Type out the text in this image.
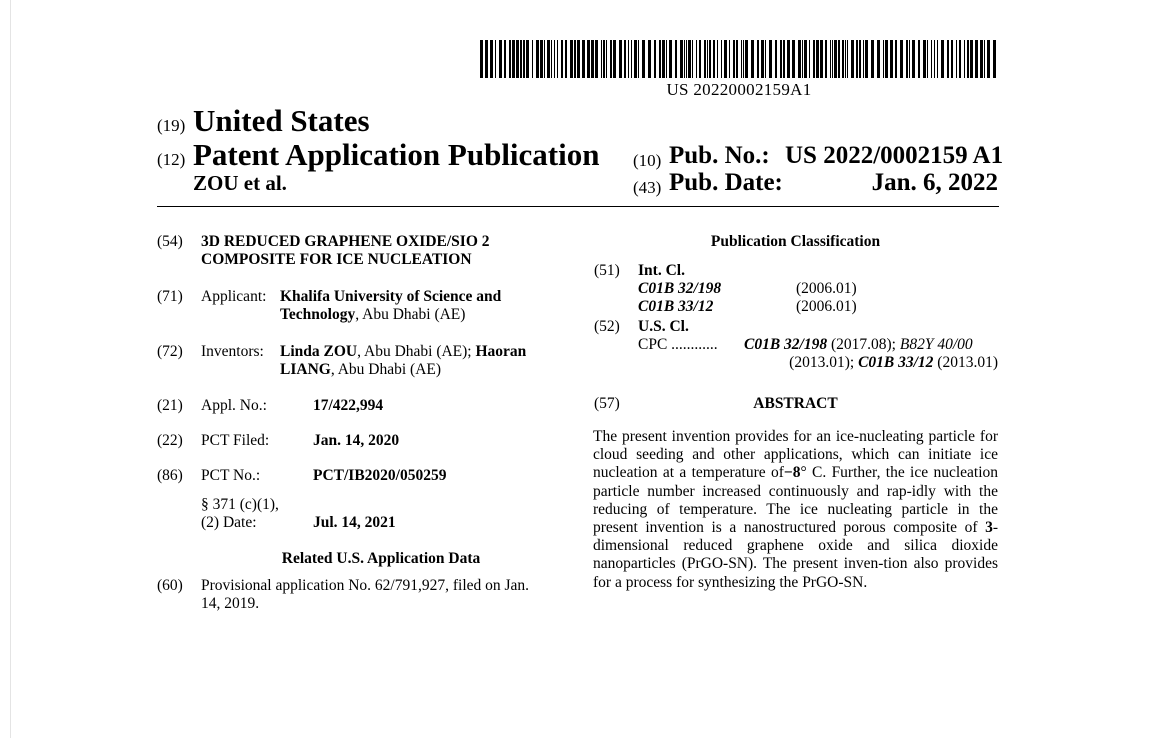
US 20220002159A1
(19) United States
(12) Patent Application Publication
ZOU et al.
(10) Pub. No.: US 2022/0002159 A1
(43) Pub. Date:	Jan. 6, 2022
(54) 3D REDUCED GRAPHENE OXIDE/SIO 2
COMPOSITE FOR ICE NUCLEATION
(71) Applicant: Khalifa University of Science and
Technology, Abu Dhabi (AE)
(72) Inventors: Linda ZOU, Abu Dhabi (AE); Haoran
LIANG, Abu Dhabi (AE)
(21) Appl. No.:	17/422,994
(22) PCT Filed:	Jan. 14, 2020
(86) PCT No.:	PCT/IB2020/050259
§ 371 (c)(1),
(2) Date:	Jul. 14, 2021
Related U.S. Application Data
(60) Provisional application No. 62/791,927, filed on Jan.
14, 2019.
Publication Classification
(51) Int. Cl.
C01B 32/198	(2006.01)
C01B 33/12	(2006.01)
(52) U.S. Cl.
CPC ............ C01B 32/198 (2017.08); B82Y 40/00
(2013.01); C01B 33/12 (2013.01)
(57)	ABSTRACT
The present invention provides for an ice-nucleating particle for cloud seeding and other applications, which can initiate ice nucleation at a temperature of−8° C. Further, the ice nucleation particle number increased continuously and rap-idly with the reducing of temperature. The ice nucleating particle in the present invention is a nanostructured porous composite of 3-dimensional reduced graphene oxide and silica dioxide nanoparticles (PrGO-SN). The present inven-tion also provides for a process for synthesizing the PrGO-SN.
